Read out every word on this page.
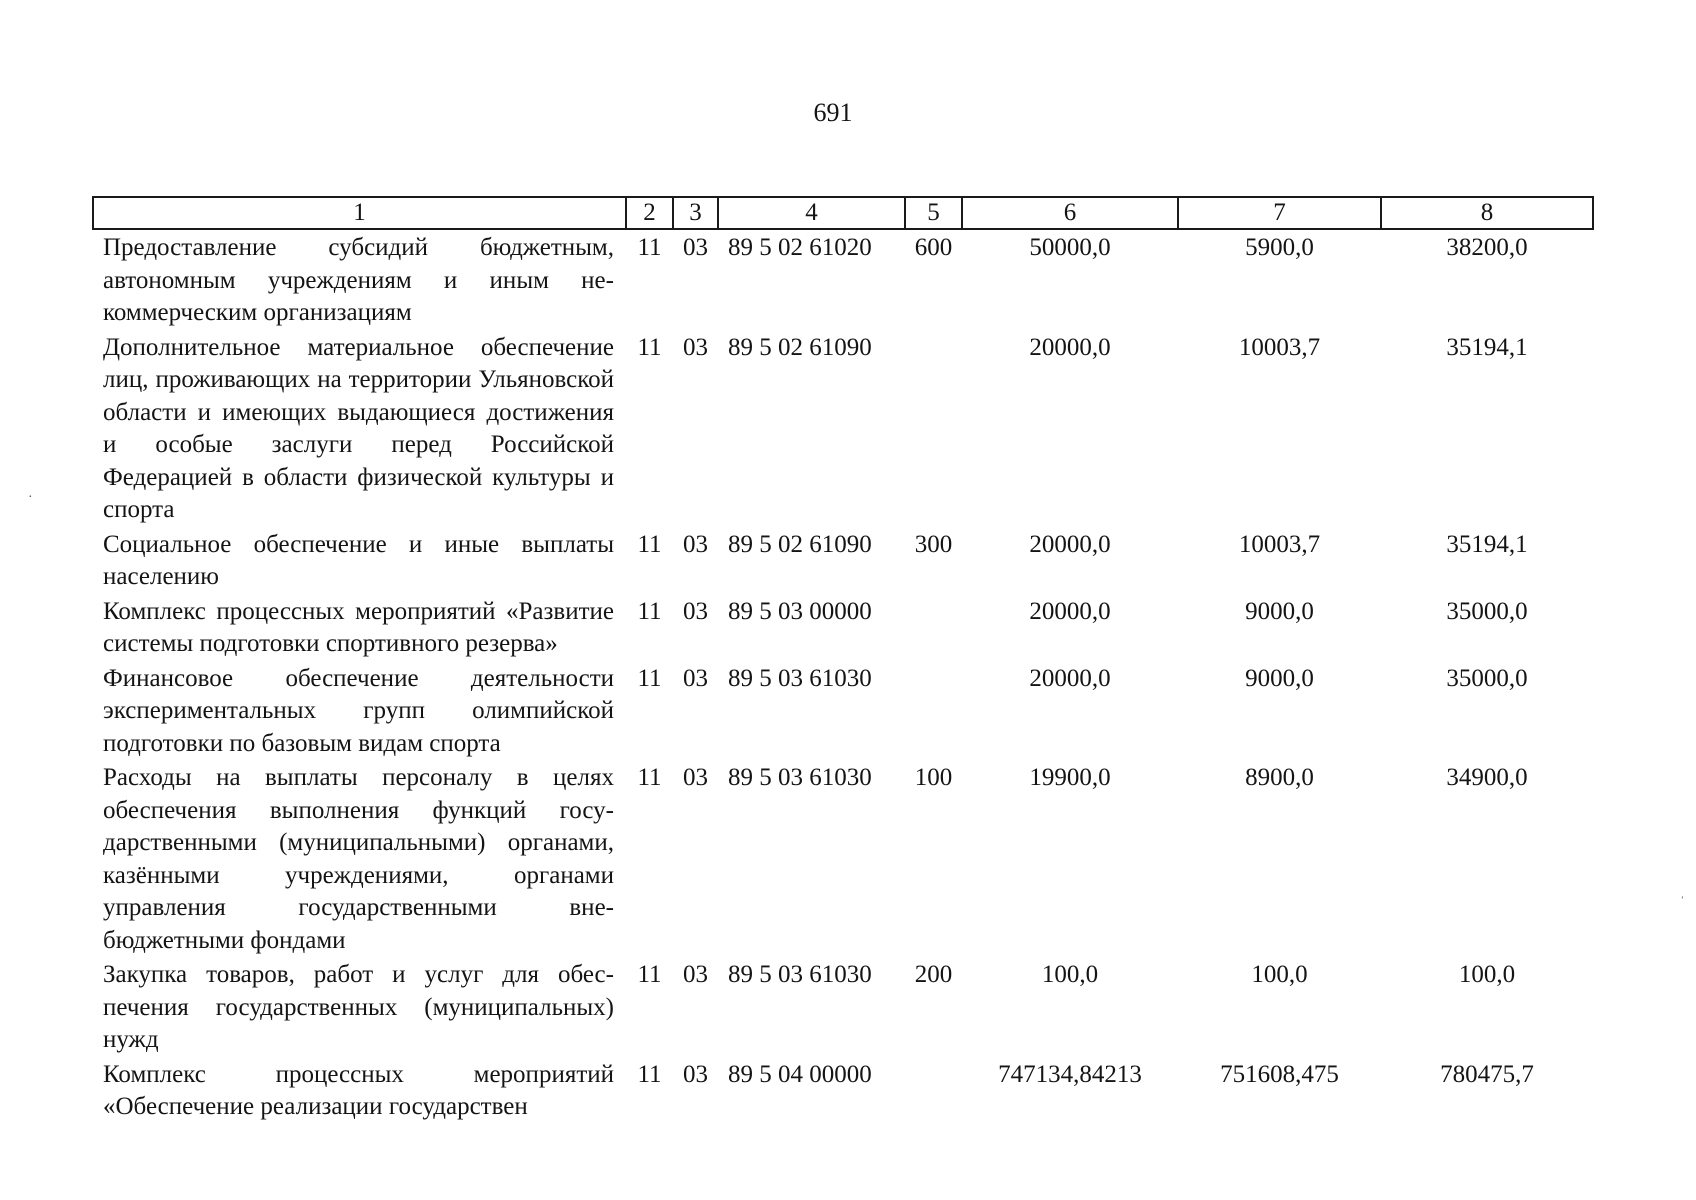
691
·
ˈ
1	2	3	4	5	6	7	8
Предоставление субсидий бюджетным, автономным учреждениям и иным некоммерческим организациям	11	03	89 5 02 61020	600	50000,0	5900,0	38200,0
Дополнительное материальное обеспечение лиц, проживающих на территории Ульяновской области и имеющих выдающиеся достижения и особые заслуги перед Российской Федерацией в области физической культуры и спорта	11	03	89 5 02 61090		20000,0	10003,7	35194,1
Социальное обеспечение и иные выплаты населению	11	03	89 5 02 61090	300	20000,0	10003,7	35194,1
Комплекс процессных мероприятий «Развитие системы подготовки спортивного резерва»	11	03	89 5 03 00000		20000,0	9000,0	35000,0
Финансовое обеспечение деятельности экспериментальных групп олимпийской подготовки по базовым видам спорта	11	03	89 5 03 61030		20000,0	9000,0	35000,0
Расходы на выплаты персоналу в целях обеспечения выполнения функций государственными (муниципальными) органами, казёнными учреждениями, органами управления государственными внебюджетными фондами	11	03	89 5 03 61030	100	19900,0	8900,0	34900,0
Закупка товаров, работ и услуг для обеспечения государственных (муниципальных) нужд	11	03	89 5 03 61030	200	100,0	100,0	100,0
Комплекс процессных мероприятий «Обеспечение реализации государствен	11	03	89 5 04 00000		747134,84213	751608,475	780475,7
